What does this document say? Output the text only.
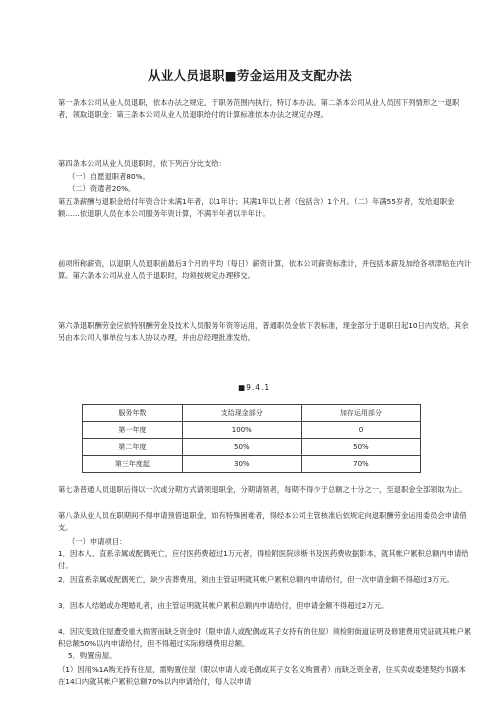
从业人员退职■劳金运用及支配办法

第一条本公司从业人员退职，依本办法之规定，于职务范围内执行，特订本办法。第二条本公司从业人员因下列情形之一退职者，领取退职金：第三条本公司从业人员退职给付的计算标准依本办法之规定办理。

第四条本公司从业人员退职时，依下列百分比支给：

（一）自愿退职者80%。

（二）资遣者20%。

第五条薪酬与退职金给付年资合计未满1年者，以1年计；其满1年以上者（包括含）1个月。（二）年满55岁者，发给退职金额……依退职人员在本公司服务年资计算，不满半年者以半年计。

前项所称薪资，以退职人员退职前最后3个月的平均（每日）薪资计算，依本公司薪资标准计，并包括本薪及加给各项津贴在内计算。第六条本公司从业人员于退职时，均须按规定办理移交。

第六条退职酬劳金应依特别酬劳金及技术人员服务年资等运用，普通职员金依下表标准，现金部分于退职日起10日内发给，其余另由本公司人事单位与本人协议办理，并由总经理批准发给。

■9.4.1
服务年数	支给现金部分	加存运用部分
第一年度	100%	0
第二年度	50%	50%
第三年度起	30%	70%

第七条普通人员退职后得以一次或分期方式请领退职金，分期请领者，每期不得少于总额之十分之一，至退职金全部领取为止。

第八条从业人员在职期间不得申请预借退职金，如有特殊困难者，得经本公司主管核准后依规定向退职酬劳金运用委员会申请借支。

（一）申请项目：

1．因本人、直系亲属或配偶死亡，应付医药费超过1万元者，得检附医院诊断书及医药费收据影本，就其帐户累积总额内申请给付。

2．因直系亲属或配偶死亡，缺少丧葬费用，须由主管证明就其帐户累积总额内申请给付，但一次申请金额不得超过3万元。

3．因本人结婚或办理婚礼者，由主管证明就其帐户累积总额内申请给付，但申请金额不得超过2万元。

4．因灾变致住屋遭受重大损害而缺乏资金时（限申请人或配偶或其子女持有的住屋）须检附街道证明及修建费用凭证就其帐户累积总额50%以内申请给付，但不得超过实际修缮费用总额。

5．购置房屋。

（1）因用%1A购无持有住屋，需购置住屋（限以申请人或毛偶或其子女名义购置者）而缺乏资金者，住买卖或委建契约书副本在14口内就其帐户累积总额70%以内申请给付，每人以申请
